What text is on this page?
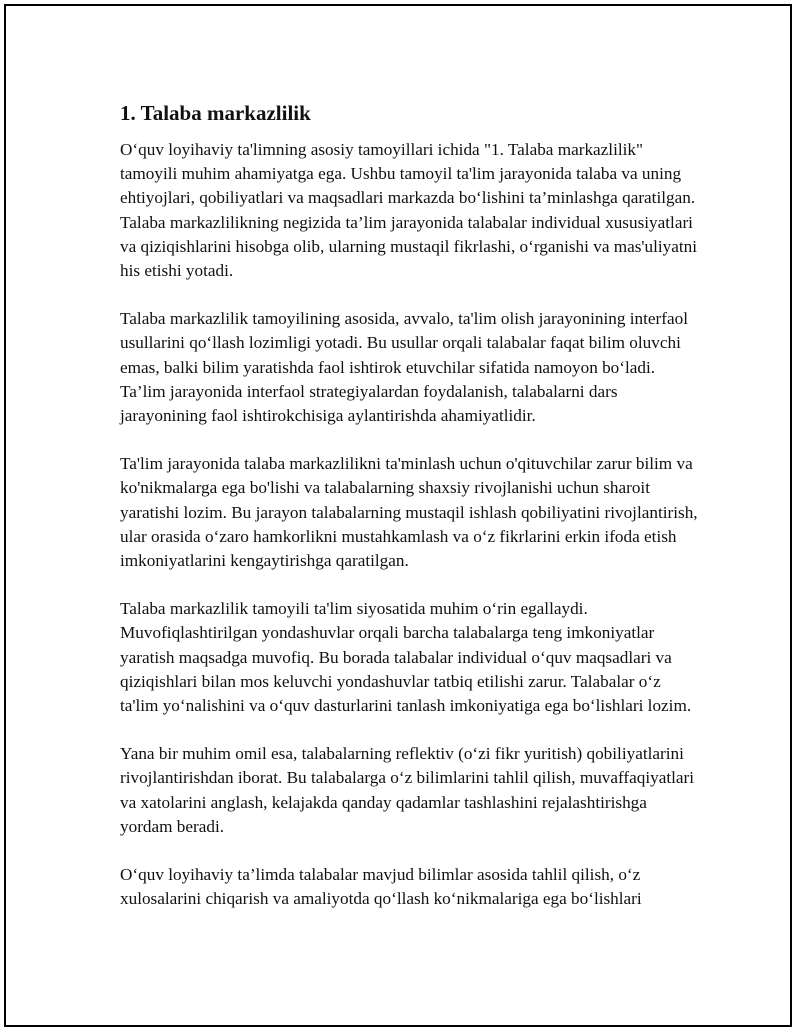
1. Talaba markazlilik

O‘quv loyihaviy ta'limning asosiy tamoyillari ichida "1. Talaba markazlilik" tamoyili muhim ahamiyatga ega. Ushbu tamoyil ta'lim jarayonida talaba va uning ehtiyojlari, qobiliyatlari va maqsadlari markazda bo‘lishini ta’minlashga qaratilgan. Talaba markazlilikning negizida ta’lim jarayonida talabalar individual xususiyatlari va qiziqishlarini hisobga olib, ularning mustaqil fikrlashi, o‘rganishi va mas'uliyatni his etishi yotadi.

Talaba markazlilik tamoyilining asosida, avvalo, ta'lim olish jarayonining interfaol usullarini qo‘llash lozimligi yotadi. Bu usullar orqali talabalar faqat bilim oluvchi emas, balki bilim yaratishda faol ishtirok etuvchilar sifatida namoyon bo‘ladi. Ta’lim jarayonida interfaol strategiyalardan foydalanish, talabalarni dars jarayonining faol ishtirokchisiga aylantirishda ahamiyatlidir.

Ta'lim jarayonida talaba markazlilikni ta'minlash uchun o'qituvchilar zarur bilim va ko'nikmalarga ega bo'lishi va talabalarning shaxsiy rivojlanishi uchun sharoit yaratishi lozim. Bu jarayon talabalarning mustaqil ishlash qobiliyatini rivojlantirish, ular orasida o‘zaro hamkorlikni mustahkamlash va o‘z fikrlarini erkin ifoda etish imkoniyatlarini kengaytirishga qaratilgan.

Talaba markazlilik tamoyili ta'lim siyosatida muhim o‘rin egallaydi. Muvofiqlashtirilgan yondashuvlar orqali barcha talabalarga teng imkoniyatlar yaratish maqsadga muvofiq. Bu borada talabalar individual o‘quv maqsadlari va qiziqishlari bilan mos keluvchi yondashuvlar tatbiq etilishi zarur. Talabalar o‘z ta'lim yo‘nalishini va o‘quv dasturlarini tanlash imkoniyatiga ega bo‘lishlari lozim.

Yana bir muhim omil esa, talabalarning reflektiv (o‘zi fikr yuritish) qobiliyatlarini rivojlantirishdan iborat. Bu talabalarga o‘z bilimlarini tahlil qilish, muvaffaqiyatlari va xatolarini anglash, kelajakda qanday qadamlar tashlashini rejalashtirishga yordam beradi.

O‘quv loyihaviy ta’limda talabalar mavjud bilimlar asosida tahlil qilish, o‘z xulosalarini chiqarish va amaliyotda qo‘llash ko‘nikmalariga ega bo‘lishlari
